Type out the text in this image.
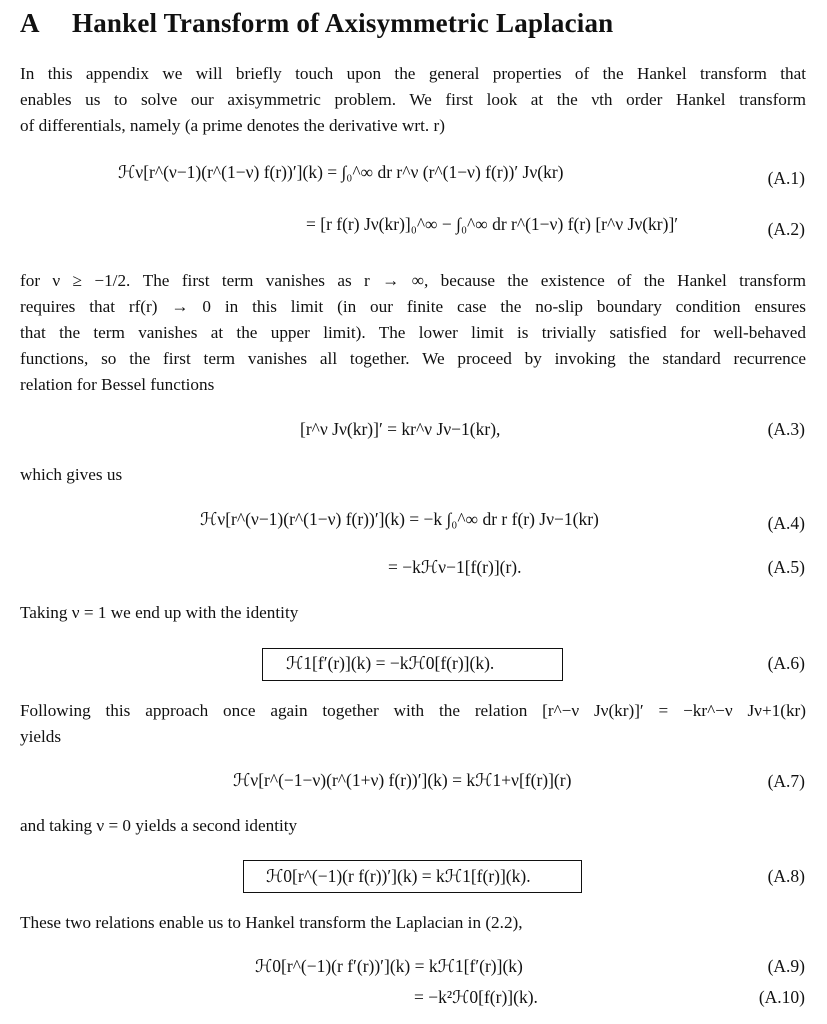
A Hankel Transform of Axisymmetric Laplacian
In this appendix we will briefly touch upon the general properties of the Hankel transform that
enables us to solve our axisymmetric problem. We first look at the νth order Hankel transform
of differentials, namely (a prime denotes the derivative wrt. r)
ℋν[r^(ν−1)(r^(1−ν) f(r))′](k) = ∫₀^∞ dr r^ν (r^(1−ν) f(r))′ Jν(kr)	(A.1)
= [r f(r) Jν(kr)]₀^∞ − ∫₀^∞ dr r^(1−ν) f(r) [r^ν Jν(kr)]′	(A.2)
for ν ≥ −1/2. The first term vanishes as r → ∞, because the existence of the Hankel transform
requires that rf(r) → 0 in this limit (in our finite case the no-slip boundary condition ensures
that the term vanishes at the upper limit). The lower limit is trivially satisfied for well-behaved
functions, so the first term vanishes all together. We proceed by invoking the standard recurrence
relation for Bessel functions
[r^ν Jν(kr)]′ = kr^ν Jν−1(kr),	(A.3)
which gives us
ℋν[r^(ν−1)(r^(1−ν) f(r))′](k) = −k ∫₀^∞ dr r f(r) Jν−1(kr)	(A.4)
= −kℋν−1[f(r)](r).	(A.5)
Taking ν = 1 we end up with the identity
ℋ1[f′(r)](k) = −kℋ0[f(r)](k).	(A.6)
Following this approach once again together with the relation [r^−ν Jν(kr)]′ = −kr^−ν Jν+1(kr)
yields
ℋν[r^(−1−ν)(r^(1+ν) f(r))′](k) = kℋ1+ν[f(r)](r)	(A.7)
and taking ν = 0 yields a second identity
ℋ0[r^(−1)(r f(r))′](k) = kℋ1[f(r)](k).	(A.8)
These two relations enable us to Hankel transform the Laplacian in (2.2),
ℋ0[r^(−1)(r f′(r))′](k) = kℋ1[f′(r)](k)	(A.9)
= −k²ℋ0[f(r)](k).	(A.10)
